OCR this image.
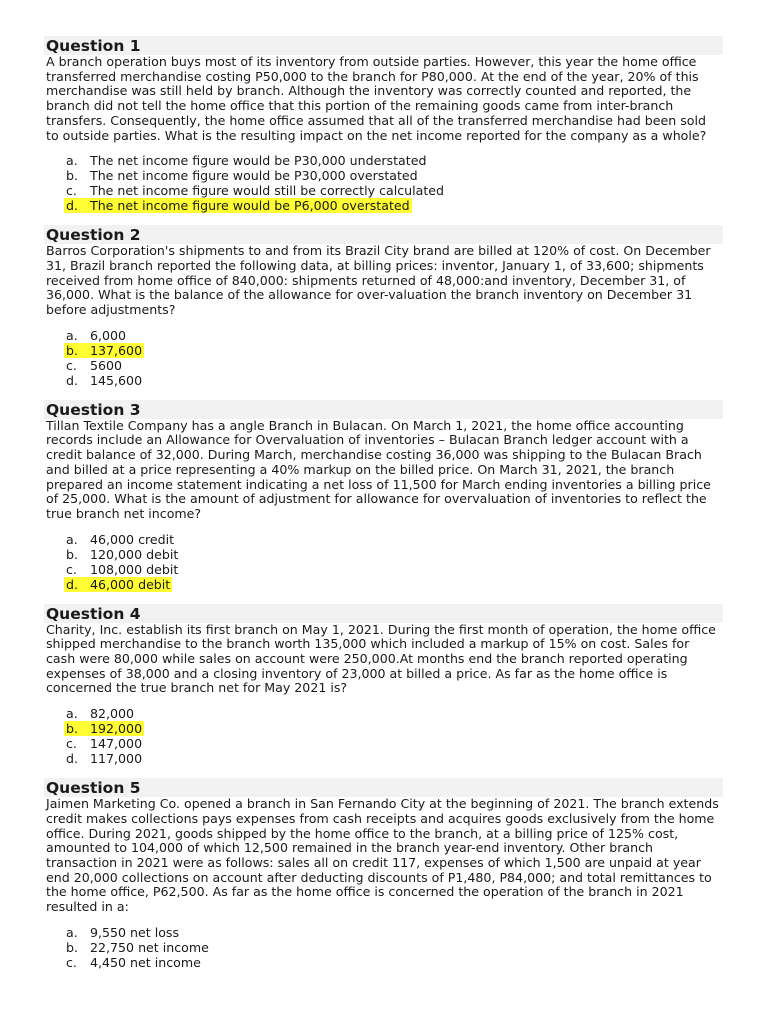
Question 1
A branch operation buys most of its inventory from outside parties. However, this year the home office transferred merchandise costing P50,000 to the branch for P80,000. At the end of the year, 20% of this merchandise was still held by branch. Although the inventory was correctly counted and reported, the branch did not tell the home office that this portion of the remaining goods came from inter-branch transfers. Consequently, the home office assumed that all of the transferred merchandise had been sold to outside parties. What is the resulting impact on the net income reported for the company as a whole?
a. The net income figure would be P30,000 understated
b. The net income figure would be P30,000 overstated
c. The net income figure would still be correctly calculated
d. The net income figure would be P6,000 overstated
Question 2
Barros Corporation's shipments to and from its Brazil City brand are billed at 120% of cost. On December 31, Brazil branch reported the following data, at billing prices: inventor, January 1, of 33,600; shipments received from home office of 840,000: shipments returned of 48,000:and inventory, December 31, of 36,000. What is the balance of the allowance for over-valuation the branch inventory on December 31 before adjustments?
a. 6,000
b. 137,600
c. 5600
d. 145,600
Question 3
Tillan Textile Company has a angle Branch in Bulacan. On March 1, 2021, the home office accounting records include an Allowance for Overvaluation of inventories – Bulacan Branch ledger account with a credit balance of 32,000. During March, merchandise costing 36,000 was shipping to the Bulacan Brach and billed at a price representing a 40% markup on the billed price. On March 31, 2021, the branch prepared an income statement indicating a net loss of 11,500 for March ending inventories a billing price of 25,000. What is the amount of adjustment for allowance for overvaluation of inventories to reflect the true branch net income?
a. 46,000 credit
b. 120,000 debit
c. 108,000 debit
d. 46,000 debit
Question 4
Charity, Inc. establish its first branch on May 1, 2021. During the first month of operation, the home office shipped merchandise to the branch worth 135,000 which included a markup of 15% on cost. Sales for cash were 80,000 while sales on account were 250,000.At months end the branch reported operating expenses of 38,000 and a closing inventory of 23,000 at billed a price. As far as the home office is concerned the true branch net for May 2021 is?
a. 82,000
b. 192,000
c. 147,000
d. 117,000
Question 5
Jaimen Marketing Co. opened a branch in San Fernando City at the beginning of 2021. The branch extends credit makes collections pays expenses from cash receipts and acquires goods exclusively from the home office. During 2021, goods shipped by the home office to the branch, at a billing price of 125% cost, amounted to 104,000 of which 12,500 remained in the branch year-end inventory. Other branch transaction in 2021 were as follows: sales all on credit 117, expenses of which 1,500 are unpaid at year end 20,000 collections on account after deducting discounts of P1,480, P84,000; and total remittances to the home office, P62,500. As far as the home office is concerned the operation of the branch in 2021 resulted in a:
a. 9,550 net loss
b. 22,750 net income
c. 4,450 net income
